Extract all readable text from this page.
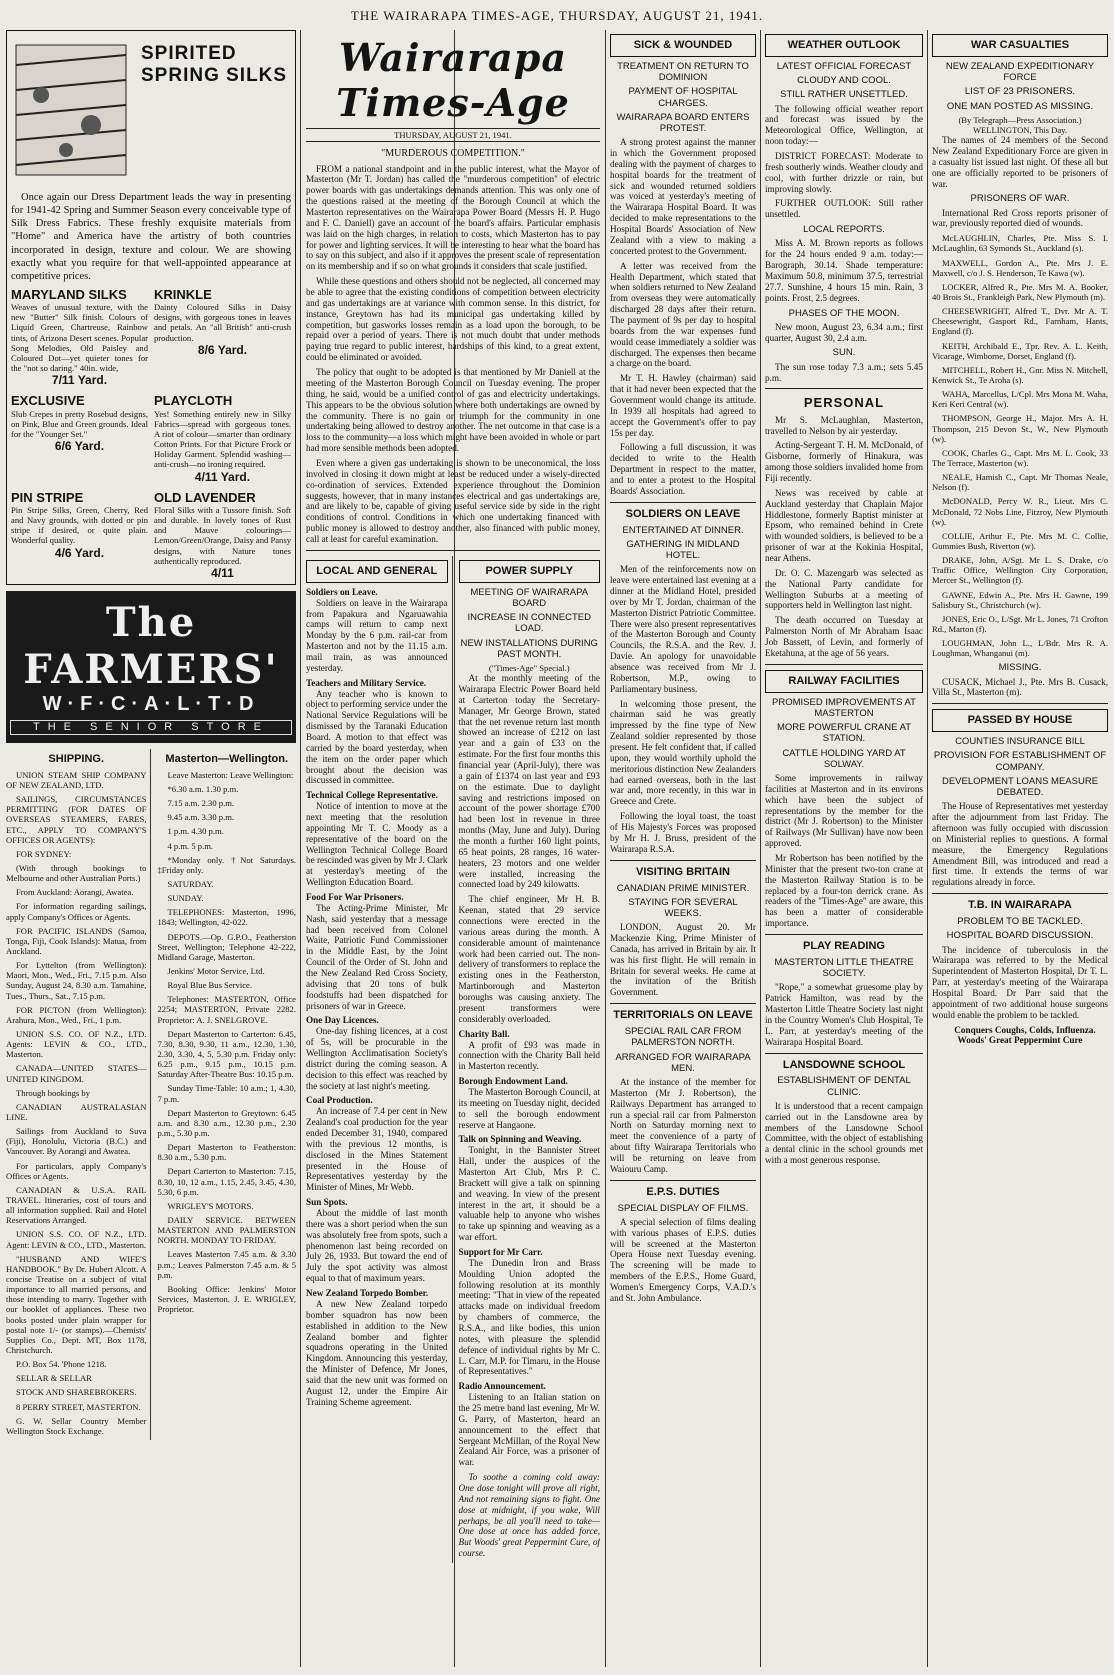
THE WAIRARAPA TIMES-AGE, THURSDAY, AUGUST 21, 1941.
SPIRITED
SPRING SILKS
Once again our Dress Department leads the way in presenting for 1941-42 Spring and Summer Season every conceivable type of Silk Dress Fabrics. These freshly exquisite materials from "Home" and America have the artistry of both countries incorporated in design, texture and colour. We are showing exactly what you require for that well-appointed appearance at competitive prices.
MARYLAND SILKS
Weaves of unusual texture, with the new "Butter" Silk finish. Colours of Liquid Green, Chartreuse, Rainbow tints, of Arizona Desert scenes. Popular Song Melodies, Old Paisley and Coloured Dot—yet quieter tones for the "not so daring." 40in. wide,
7/11 Yard.
KRINKLE
Dainty Coloured Silks in Daisy designs, with gorgeous tones in leaves and petals. An "all British" anti-crush production.
8/6 Yard.
EXCLUSIVE
Slub Crepes in pretty Rosebud designs, on Pink, Blue and Green grounds. Ideal for the "Younger Set."
6/6 Yard.
PLAYCLOTH
Yes! Something entirely new in Silky Fabrics—spread with gorgeous tones. A riot of colour—smarter than ordinary Cotton Prints. For that Picture Frock or Holiday Garment. Splendid washing—anti-crush—no ironing required.
4/11 Yard.
PIN STRIPE
Pin Stripe Silks, Green, Cherry, Red and Navy grounds, with dotted or pin stripe if desired, or quite plain. Wonderful quality.
4/6 Yard.
OLD LAVENDER
Floral Silks with a Tussore finish. Soft and durable. In lovely tones of Rust and Mauve colourings—Lemon/Green/Orange, Daisy and Pansy designs, with Nature tones authentically reproduced.
4/11
The FARMERS'
W·F·C·A·L·T·D
THE SENIOR STORE
SHIPPING.
UNION STEAM SHIP COMPANY OF NEW ZEALAND, LTD.
SAILINGS, CIRCUMSTANCES PERMITTING (FOR DATES OF OVERSEAS STEAMERS, FARES, ETC., APPLY TO COMPANY'S OFFICES OR AGENTS):
FOR SYDNEY:
(With through bookings to Melbourne and other Australian Ports.)
From Auckland: Aorangi, Awatea.
For information regarding sailings, apply Company's Offices or Agents.
FOR PACIFIC ISLANDS (Samoa, Tonga, Fiji, Cook Islands): Matua, from Auckland.
For Lyttelton (from Wellington): Maori, Mon., Wed., Fri., 7.15 p.m. Also Sunday, August 24, 8.30 a.m. Tamahine, Tues., Thurs., Sat., 7.15 p.m.
FOR PICTON (from Wellington): Arahura, Mon., Wed., Fri., 1 p.m.
UNION S.S. CO. OF N.Z., LTD. Agents: LEVIN & CO., LTD., Masterton.
CANADA—UNITED STATES—UNITED KINGDOM.
Through bookings by
CANADIAN AUSTRALASIAN LINE.
Sailings from Auckland to Suva (Fiji), Honolulu, Victoria (B.C.) and Vancouver. By Aorangi and Awatea.
For particulars, apply Company's Offices or Agents.
CANADIAN & U.S.A. RAIL TRAVEL. Itineraries, cost of tours and all information supplied. Rail and Hotel Reservations Arranged.
UNION S.S. CO. OF N.Z., LTD. Agent: LEVIN & CO., LTD., Masterton.
"HUSBAND AND WIFE'S HANDBOOK." By Dr. Hubert Alcott. A concise Treatise on a subject of vital importance to all married persons, and those intending to marry. Together with our booklet of appliances. These two books posted under plain wrapper for postal note 1/- (or stamps).—Chemists' Supplies Co., Dept. MT, Box 1178, Christchurch.
P.O. Box 54. 'Phone 1218.
SELLAR & SELLAR
STOCK AND SHAREBROKERS.
8 PERRY STREET, MASTERTON.
G. W. Sellar Country Member Wellington Stock Exchange.
Masterton—Wellington.
Leave Masterton: Leave Wellington:
*6.30 a.m. 1.30 p.m.
7.15 a.m. 2.30 p.m.
9.45 a.m. 3.30 p.m.
1 p.m. 4.30 p.m.
4 p.m. 5 p.m.
*Monday only. †Not Saturdays. ‡Friday only.
SATURDAY.
SUNDAY.
TELEPHONES: Masterton, 1996, 1843; Wellington, 42-022.
DEPOTS.—Op. G.P.O., Featherston Street, Wellington; Telephone 42-222, Midland Garage, Masterton.
Jenkins' Motor Service, Ltd.
Royal Blue Bus Service.
Telephones: MASTERTON, Office 2254; MASTERTON, Private 2282. Proprietor: A. J. SNELGROVE.
Depart Masterton to Carterton: 6.45, 7.30, 8.30, 9.30, 11 a.m., 12.30, 1.30, 2.30, 3.30, 4, 5, 5.30 p.m. Friday only: 6.25 p.m., 9.15 p.m., 10.15 p.m. Saturday After-Theatre Bus: 10.15 p.m.
Sunday Time-Table: 10 a.m.; 1, 4.30, 7 p.m.
Depart Masterton to Greytown: 6.45 a.m. and 8.30 a.m., 12.30 p.m., 2.30 p.m., 5.30 p.m.
Depart Masterton to Featherston: 8.30 a.m., 5.30 p.m.
Depart Carterton to Masterton: 7.15, 8.30, 10, 12 a.m., 1.15, 2.45, 3.45, 4.30, 5.30, 6 p.m.
WRIGLEY'S MOTORS.
DAILY SERVICE. BETWEEN MASTERTON AND PALMERSTON NORTH. MONDAY TO FRIDAY.
Leaves Masterton 7.45 a.m. & 3.30 p.m.; Leaves Palmerston 7.45 a.m. & 5 p.m.
Booking Office: Jenkins' Motor Services, Masterton. J. E. WRIGLEY, Proprietor.
Wairarapa Times-Age
THURSDAY, AUGUST 21, 1941.
"MURDEROUS COMPETITION."
FROM a national standpoint and in the public interest, what the Mayor of Masterton (Mr T. Jordan) has called the "murderous competition" of electric power boards with gas undertakings demands attention. This was only one of the questions raised at the meeting of the Borough Council at which the Masterton representatives on the Wairarapa Power Board (Messrs H. P. Hugo and F. C. Daniell) gave an account of the board's affairs. Particular emphasis was laid on the high charges, in relation to costs, which Masterton has to pay for power and lighting services. It will be interesting to hear what the board has to say on this subject, and also if it approves the present scale of representation on its membership and if so on what grounds it considers that scale justified.
While these questions and others should not be neglected, all concerned may be able to agree that the existing conditions of competition between electricity and gas undertakings are at variance with common sense. In this district, for instance, Greytown has had its municipal gas undertaking killed by competition, but gasworks losses remain as a load upon the borough, to be repaid over a period of years. There is not much doubt that under methods paying true regard to public interest, hardships of this kind, to a great extent, could be eliminated or avoided.
The policy that ought to be adopted is that mentioned by Mr Daniell at the meeting of the Masterton Borough Council on Tuesday evening. The proper thing, he said, would be a unified control of gas and electricity undertakings. This appears to be the obvious solution where both undertakings are owned by the community. There is no gain or triumph for the community in one undertaking being allowed to destroy another. The net outcome in that case is a loss to the community—a loss which might have been avoided in whole or part had more sensible methods been adopted.
Even where a given gas undertaking is shown to be uneconomical, the loss involved in closing it down might at least be reduced under a wisely-directed co-ordination of services. Extended experience throughout the Dominion suggests, however, that in many instances electrical and gas undertakings are, and are likely to be, capable of giving useful service side by side in the right conditions of control. Conditions in which one undertaking financed with public money is allowed to destroy another, also financed with public money, call at least for careful examination.
LOCAL AND GENERAL
Soldiers on Leave.
Soldiers on leave in the Wairarapa from Papakura and Ngaruawahia camps will return to camp next Monday by the 6 p.m. rail-car from Masterton and not by the 11.15 a.m. mail train, as was announced yesterday.
Teachers and Military Service.
Any teacher who is known to object to performing service under the National Service Regulations will be dismissed by the Taranaki Education Board. A motion to that effect was carried by the board yesterday, when the item on the order paper which brought about the decision was discussed in committee.
Technical College Representative.
Notice of intention to move at the next meeting that the resolution appointing Mr T. C. Moody as a representative of the board on the Wellington Technical College Board be rescinded was given by Mr J. Clark at yesterday's meeting of the Wellington Education Board.
Food For War Prisoners.
The Acting-Prime Minister, Mr Nash, said yesterday that a message had been received from Colonel Waite, Patriotic Fund Commissioner in the Middle East, by the Joint Council of the Order of St. John and the New Zealand Red Cross Society, advising that 20 tons of bulk foodstuffs had been dispatched for prisoners of war in Greece.
One Day Licences.
One-day fishing licences, at a cost of 5s, will be procurable in the Wellington Acclimatisation Society's district during the coming season. A decision to this effect was reached by the society at last night's meeting.
Coal Production.
An increase of 7.4 per cent in New Zealand's coal production for the year ended December 31, 1940, compared with the previous 12 months, is disclosed in the Mines Statement presented in the House of Representatives yesterday by the Minister of Mines, Mr Webb.
Sun Spots.
About the middle of last month there was a short period when the sun was absolutely free from spots, such a phenomenon last being recorded on July 26, 1933. But toward the end of July the spot activity was almost equal to that of maximum years.
New Zealand Torpedo Bomber.
A new New Zealand torpedo bomber squadron has now been established in addition to the New Zealand bomber and fighter squadrons operating in the United Kingdom. Announcing this yesterday, the Minister of Defence, Mr Jones, said that the new unit was formed on August 12, under the Empire Air Training Scheme agreement.
POWER SUPPLY
MEETING OF WAIRARAPA BOARD
INCREASE IN CONNECTED LOAD.
NEW INSTALLATIONS DURING PAST MONTH.
("Times-Age" Special.)
At the monthly meeting of the Wairarapa Electric Power Board held at Carterton today the Secretary-Manager, Mr George Brown, stated that the net revenue return last month showed an increase of £212 on last year and a gain of £33 on the estimate. For the first four months this financial year (April-July), there was a gain of £1374 on last year and £93 on the estimate. Due to daylight saving and restrictions imposed on account of the power shortage £700 had been lost in revenue in three months (May, June and July). During the month a further 160 light points, 65 heat points, 28 ranges, 16 water-heaters, 23 motors and one welder were installed, increasing the connected load by 249 kilowatts.
The chief engineer, Mr H. B. Keenan, stated that 29 service connections were erected in the various areas during the month. A considerable amount of maintenance work had been carried out. The non-delivery of transformers to replace the existing ones in the Featherston, Martinborough and Masterton boroughs was causing anxiety. The present transformers were considerably overloaded.
Charity Ball.
A profit of £93 was made in connection with the Charity Ball held in Masterton recently.
Borough Endowment Land.
The Masterton Borough Council, at its meeting on Tuesday night, decided to sell the borough endowment reserve at Hangaone.
Talk on Spinning and Weaving.
Tonight, in the Bannister Street Hall, under the auspices of the Masterton Art Club, Mrs P. C. Brackett will give a talk on spinning and weaving. In view of the present interest in the art, it should be a valuable help to anyone who wishes to take up spinning and weaving as a war effort.
Support for Mr Carr.
The Dunedin Iron and Brass Moulding Union adopted the following resolution at its monthly meeting: "That in view of the repeated attacks made on individual freedom by chambers of commerce, the R.S.A., and like bodies, this union notes, with pleasure the splendid defence of individual rights by Mr C. L. Carr, M.P. for Timaru, in the House of Representatives."
Radio Announcement.
Listening to an Italian station on the 25 metre band last evening, Mr W. G. Parry, of Masterton, heard an announcement to the effect that Sergeant McMillan, of the Royal New Zealand Air Force, was a prisoner of war.
To soothe a coming cold away: One dose tonight will prove all right, And not remaining signs to fight. One dose at midnight, if you wake, Will perhaps, be all you'll need to take— One dose at once has added force, But Woods' great Peppermint Cure, of course.
SICK & WOUNDED
TREATMENT ON RETURN TO DOMINION
PAYMENT OF HOSPITAL CHARGES.
WAIRARAPA BOARD ENTERS PROTEST.
A strong protest against the manner in which the Government proposed dealing with the payment of charges to hospital boards for the treatment of sick and wounded returned soldiers was voiced at yesterday's meeting of the Wairarapa Hospital Board. It was decided to make representations to the Hospital Boards' Association of New Zealand with a view to making a concerted protest to the Government.
A letter was received from the Health Department, which stated that when soldiers returned to New Zealand from overseas they were automatically discharged 28 days after their return. The payment of 9s per day to hospital boards from the war expenses fund would cease immediately a soldier was discharged. The expenses then became a charge on the board.
Mr T. H. Hawley (chairman) said that it had never been expected that the Government would change its attitude. In 1939 all hospitals had agreed to accept the Government's offer to pay 15s per day.
Following a full discussion, it was decided to write to the Health Department in respect to the matter, and to enter a protest to the Hospital Boards' Association.
SOLDIERS ON LEAVE
ENTERTAINED AT DINNER.
GATHERING IN MIDLAND HOTEL.
Men of the reinforcements now on leave were entertained last evening at a dinner at the Midland Hotel, presided over by Mr T. Jordan, chairman of the Masterton District Patriotic Committee. There were also present representatives of the Masterton Borough and County Councils, the R.S.A. and the Rev. J. Davie. An apology for unavoidable absence was received from Mr J. Robertson, M.P., owing to Parliamentary business.
In welcoming those present, the chairman said he was greatly impressed by the fine type of New Zealand soldier represented by those present. He felt confident that, if called upon, they would worthily uphold the meritorious distinction New Zealanders had earned overseas, both in the last war and, more recently, in this war in Greece and Crete.
Following the loyal toast, the toast of His Majesty's Forces was proposed by Mr H. J. Bruss, president of the Wairarapa R.S.A.
VISITING BRITAIN
CANADIAN PRIME MINISTER.
STAYING FOR SEVERAL WEEKS.
LONDON, August 20. Mr Mackenzie King, Prime Minister of Canada, has arrived in Britain by air. It was his first flight. He will remain in Britain for several weeks. He came at the invitation of the British Government.
TERRITORIALS ON LEAVE
SPECIAL RAIL CAR FROM PALMERSTON NORTH.
ARRANGED FOR WAIRARAPA MEN.
At the instance of the member for Masterton (Mr J. Robertson), the Railways Department has arranged to run a special rail car from Palmerston North on Saturday morning next to meet the convenience of a party of about fifty Wairarapa Territorials who will be returning on leave from Waiouru Camp.
E.P.S. DUTIES
SPECIAL DISPLAY OF FILMS.
A special selection of films dealing with various phases of E.P.S. duties will be screened at the Masterton Opera House next Tuesday evening. The screening will be made to members of the E.P.S., Home Guard, Women's Emergency Corps, V.A.D.'s and St. John Ambulance.
WEATHER OUTLOOK
LATEST OFFICIAL FORECAST
CLOUDY AND COOL.
STILL RATHER UNSETTLED.
The following official weather report and forecast was issued by the Meteorological Office, Wellington, at noon today:—
DISTRICT FORECAST: Moderate to fresh southerly winds. Weather cloudy and cool, with further drizzle or rain, but improving slowly.
FURTHER OUTLOOK: Still rather unsettled.
LOCAL REPORTS.
Miss A. M. Brown reports as follows for the 24 hours ended 9 a.m. today:—Barograph, 30.14. Shade temperature: Maximum 50.8, minimum 37.5, terrestrial 27.7. Sunshine, 4 hours 15 min. Rain, 3 points. Frost, 2.5 degrees.
PHASES OF THE MOON.
New moon, August 23, 6.34 a.m.; first quarter, August 30, 2.4 a.m.
SUN.
The sun rose today 7.3 a.m.; sets 5.45 p.m.
PERSONAL
Mr S. McLaughlan, Masterton, travelled to Nelson by air yesterday.
Acting-Sergeant T. H. M. McDonald, of Gisborne, formerly of Hinakura, was among those soldiers invalided home from Fiji recently.
News was received by cable at Auckland yesterday that Chaplain Major Hiddlestone, formerly Baptist minister at Epsom, who remained behind in Crete with wounded soldiers, is believed to be a prisoner of war at the Kokinia Hospital, near Athens.
Dr. O. C. Mazengarb was selected as the National Party candidate for Wellington Suburbs at a meeting of supporters held in Wellington last night.
The death occurred on Tuesday at Palmerston North of Mr Abraham Isaac Job Bassett, of Levin, and formerly of Eketahuna, at the age of 56 years.
RAILWAY FACILITIES
PROMISED IMPROVEMENTS AT MASTERTON
MORE POWERFUL CRANE AT STATION.
CATTLE HOLDING YARD AT SOLWAY.
Some improvements in railway facilities at Masterton and in its environs which have been the subject of representations by the member for the district (Mr J. Robertson) to the Minister of Railways (Mr Sullivan) have now been approved.
Mr Robertson has been notified by the Minister that the present two-ton crane at the Masterton Railway Station is to be replaced by a four-ton derrick crane. As readers of the "Times-Age" are aware, this has been a matter of considerable importance.
PLAY READING
MASTERTON LITTLE THEATRE SOCIETY.
"Rope," a somewhat gruesome play by Patrick Hamilton, was read by the Masterton Little Theatre Society last night in the Country Women's Club Hospital, Te L. Parr, at yesterday's meeting of the Wairarapa Hospital Board.
LANSDOWNE SCHOOL
ESTABLISHMENT OF DENTAL CLINIC.
It is understood that a recent campaign carried out in the Lansdowne area by members of the Lansdowne School Committee, with the object of establishing a dental clinic in the school grounds met with a most generous response.
WAR CASUALTIES
NEW ZEALAND EXPEDITIONARY FORCE
LIST OF 23 PRISONERS.
ONE MAN POSTED AS MISSING.
(By Telegraph—Press Association.) WELLINGTON, This Day.
The names of 24 members of the Second New Zealand Expeditionary Force are given in a casualty list issued last night. Of these all but one are officially reported to be prisoners of war.
PRISONERS OF WAR.
International Red Cross reports prisoner of war, previously reported died of wounds.
McLAUGHLIN, Charles, Pte. Miss S. I. McLaughlin, 63 Symonds St., Auckland (s).
MAXWELL, Gordon A., Pte. Mrs J. E. Maxwell, c/o J. S. Henderson, Te Kawa (w).
LOCKER, Alfred R., Pte. Mrs M. A. Booker, 40 Brois St., Frankleigh Park, New Plymouth (m).
CHEESEWRIGHT, Alfred T., Dvr. Mr A. T. Cheesewright, Gasport Rd., Farnham, Hants, England (f).
KEITH, Archibald E., Tpr. Rev. A. L. Keith, Vicarage, Wimborne, Dorset, England (f).
MITCHELL, Robert H., Gnr. Miss N. Mitchell, Kenwick St., Te Aroha (s).
WAHA, Marcellus, L/Cpl. Mrs Mona M. Waha, Keri Keri Central (w).
THOMPSON, George H., Major. Mrs A. H. Thompson, 215 Devon St., W., New Plymouth (w).
COOK, Charles G., Capt. Mrs M. L. Cook, 33 The Terrace, Masterton (w).
NEALE, Hamish C., Capt. Mr Thomas Neale, Nelson (f).
McDONALD, Percy W. R., Lieut. Mrs C. McDonald, 72 Nobs Line, Fitzroy, New Plymouth (w).
COLLIE, Arthur F., Pte. Mrs M. C. Collie, Gummies Bush, Riverton (w).
DRAKE, John, A/Sgt. Mr L. S. Drake, c/o Traffic Office, Wellington City Corporation, Mercer St., Wellington (f).
GAWNE, Edwin A., Pte. Mrs H. Gawne, 199 Salisbury St., Christchurch (w).
JONES, Eric O., L/Sgt. Mr L. Jones, 71 Crofton Rd., Marton (f).
LOUGHMAN, John L., L/Bdr. Mrs R. A. Loughman, Whanganui (m).
MISSING.
CUSACK, Michael J., Pte. Mrs B. Cusack, Villa St., Masterton (m).
PASSED BY HOUSE
COUNTIES INSURANCE BILL
PROVISION FOR ESTABLISHMENT OF COMPANY.
DEVELOPMENT LOANS MEASURE DEBATED.
The House of Representatives met yesterday after the adjournment from last Friday. The afternoon was fully occupied with discussion on Ministerial replies to questions. A formal measure, the Emergency Regulations Amendment Bill, was introduced and read a first time. It extends the terms of war regulations already in force.
T.B. IN WAIRARAPA
PROBLEM TO BE TACKLED.
HOSPITAL BOARD DISCUSSION.
The incidence of tuberculosis in the Wairarapa was referred to by the Medical Superintendent of Masterton Hospital, Dr T. L. Parr, at yesterday's meeting of the Wairarapa Hospital Board. Dr Parr said that the appointment of two additional house surgeons would enable the problem to be tackled.
Conquers Coughs, Colds, Influenza. Woods' Great Peppermint Cure
